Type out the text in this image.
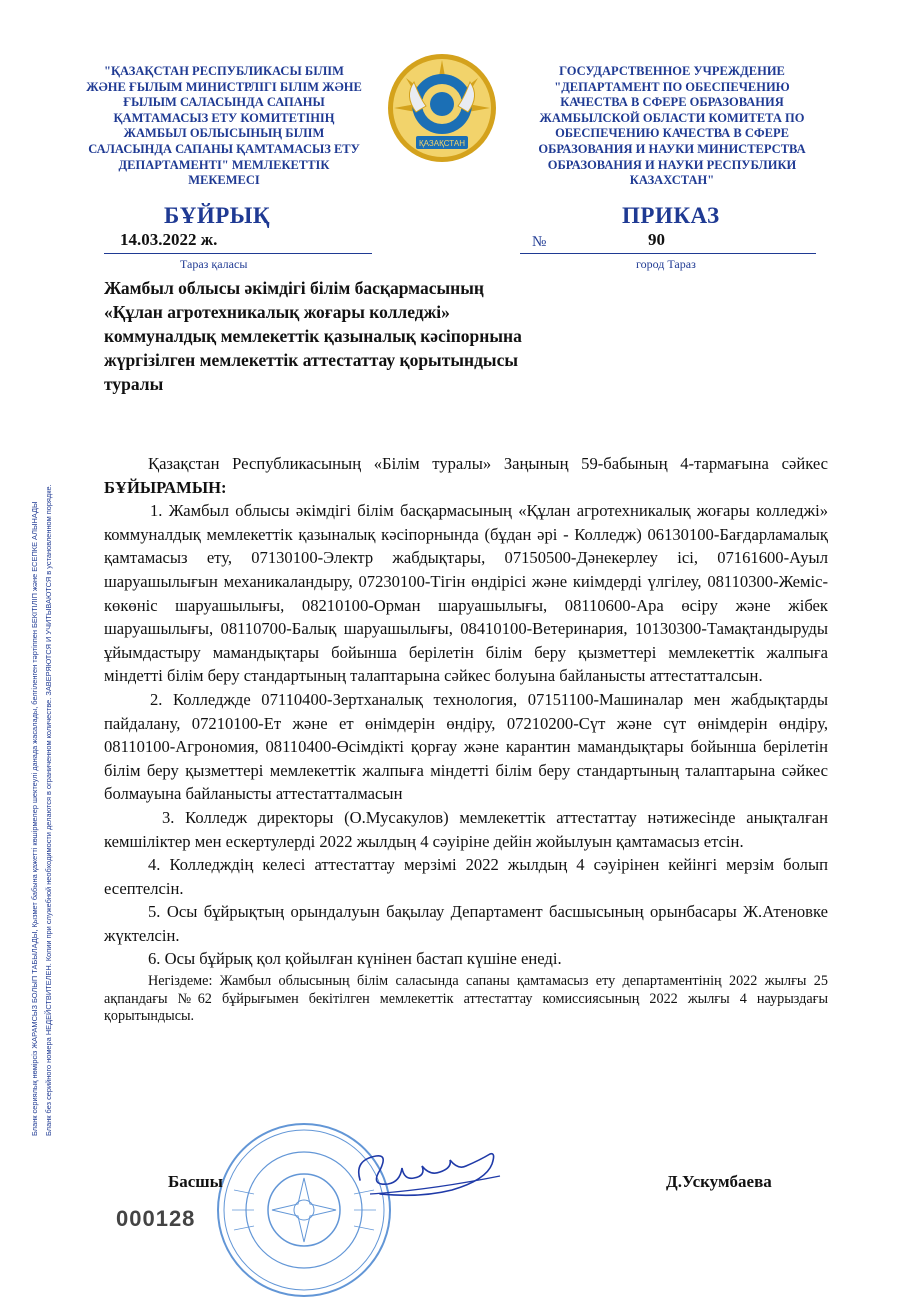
Бланк сериялық нөмірсіз ЖАРАМСЫЗ БОЛЫП ТАБЫЛАДЫ, Қызмет бабына қажетті көшірмелер шектеулі данада жасалады, белгіленген тәртіппен БЕКІТІЛІП және ЕСЕПКЕ АЛЫНАДЫ Бланк без серийного номера НЕДЕЙСТВИТЕЛЕН. Копии при служебной необходимости делаются в ограниченном количестве. ЗАВЕРЯЮТСЯ И УЧИТЫВАЮТСЯ в установленном порядке.
"ҚАЗАҚСТАН РЕСПУБЛИКАСЫ БІЛІМ ЖӘНЕ ҒЫЛЫМ МИНИСТРЛІГІ БІЛІМ ЖӘНЕ ҒЫЛЫМ САЛАСЫНДА САПАНЫ ҚАМТАМАСЫЗ ЕТУ КОМИТЕТІНІҢ ЖАМБЫЛ ОБЛЫСЫНЫҢ БІЛІМ САЛАСЫНДА САПАНЫ ҚАМТАМАСЫЗ ЕТУ ДЕПАРТАМЕНТІ" МЕМЛЕКЕТТІК МЕКЕМЕСІ
ГОСУДАРСТВЕННОЕ УЧРЕЖДЕНИЕ "ДЕПАРТАМЕНТ ПО ОБЕСПЕЧЕНИЮ КАЧЕСТВА В СФЕРЕ ОБРАЗОВАНИЯ ЖАМБЫЛСКОЙ ОБЛАСТИ КОМИТЕТА ПО ОБЕСПЕЧЕНИЮ КАЧЕСТВА В СФЕРЕ ОБРАЗОВАНИЯ И НАУКИ МИНИСТЕРСТВА ОБРАЗОВАНИЯ И НАУКИ РЕСПУБЛИКИ КАЗАХСТАН"
ҚАЗАҚСТАН
БҰЙРЫҚ	ПРИКАЗ
14.03.2022 ж.
Тараз қаласы
№	90
город Тараз
Жамбыл облысы әкімдігі білім басқармасының «Құлан агротехникалық жоғары колледжі» коммуналдық мемлекеттік қазыналық кәсіпорнына жүргізілген мемлекеттік аттестаттау қорытындысы туралы

Қазақстан Республикасының «Білім туралы» Заңының 59-бабының 4-тармағына сәйкес БҰЙЫРАМЫН:

1. Жамбыл облысы әкімдігі білім басқармасының «Құлан агротехникалық жоғары колледжі» коммуналдық мемлекеттік қазыналық кәсіпорнында (бұдан әрі - Колледж) 06130100-Бағдарламалық қамтамасыз ету, 07130100-Электр жабдықтары, 07150500-Дәнекерлеу ісі, 07161600-Ауыл шаруашылығын механикаландыру, 07230100-Тігін өндірісі және киімдерді үлгілеу, 08110300-Жеміс-көкөніс шаруашылығы, 08210100-Орман шаруашылығы, 08110600-Ара өсіру және жібек шаруашылығы, 08110700-Балық шаруашылығы, 08410100-Ветеринария, 10130300-Тамақтандыруды ұйымдастыру мамандықтары бойынша берілетін білім беру қызметтері мемлекеттік жалпыға міндетті білім беру стандартының талаптарына сәйкес болуына байланысты аттестатталсын.

2. Колледжде 07110400-Зертханалық технология, 07151100-Машиналар мен жабдықтарды пайдалану, 07210100-Ет және ет өнімдерін өндіру, 07210200-Сүт және сүт өнімдерін өндіру, 08110100-Агрономия, 08110400-Өсімдікті қорғау және карантин мамандықтары бойынша берілетін білім беру қызметтері мемлекеттік жалпыға міндетті білім беру стандартының талаптарына сәйкес болмауына байланысты аттестатталмасын

3. Колледж директоры (О.Мусакулов) мемлекеттік аттестаттау нәтижесінде анықталған кемшіліктер мен ескертулерді 2022 жылдың 4 сәуіріне дейін жойылуын қамтамасыз етсін.

4. Колледждің келесі аттестаттау мерзімі 2022 жылдың 4 сәуірінен кейінгі мерзім болып есептелсін.

5. Осы бұйрықтың орындалуын бақылау Департамент басшысының орынбасары Ж.Атеновке жүктелсін.

6. Осы бұйрық қол қойылған күнінен бастап күшіне енеді.

Негіздеме: Жамбыл облысының білім саласында сапаны қамтамасыз ету департаментінің 2022 жылғы 25 ақпандағы №62 бұйрығымен бекітілген мемлекеттік аттестаттау комиссиясының 2022 жылғы 4 наурыздағы қорытындысы.

Басшы	Д.Ускумбаева
000128
